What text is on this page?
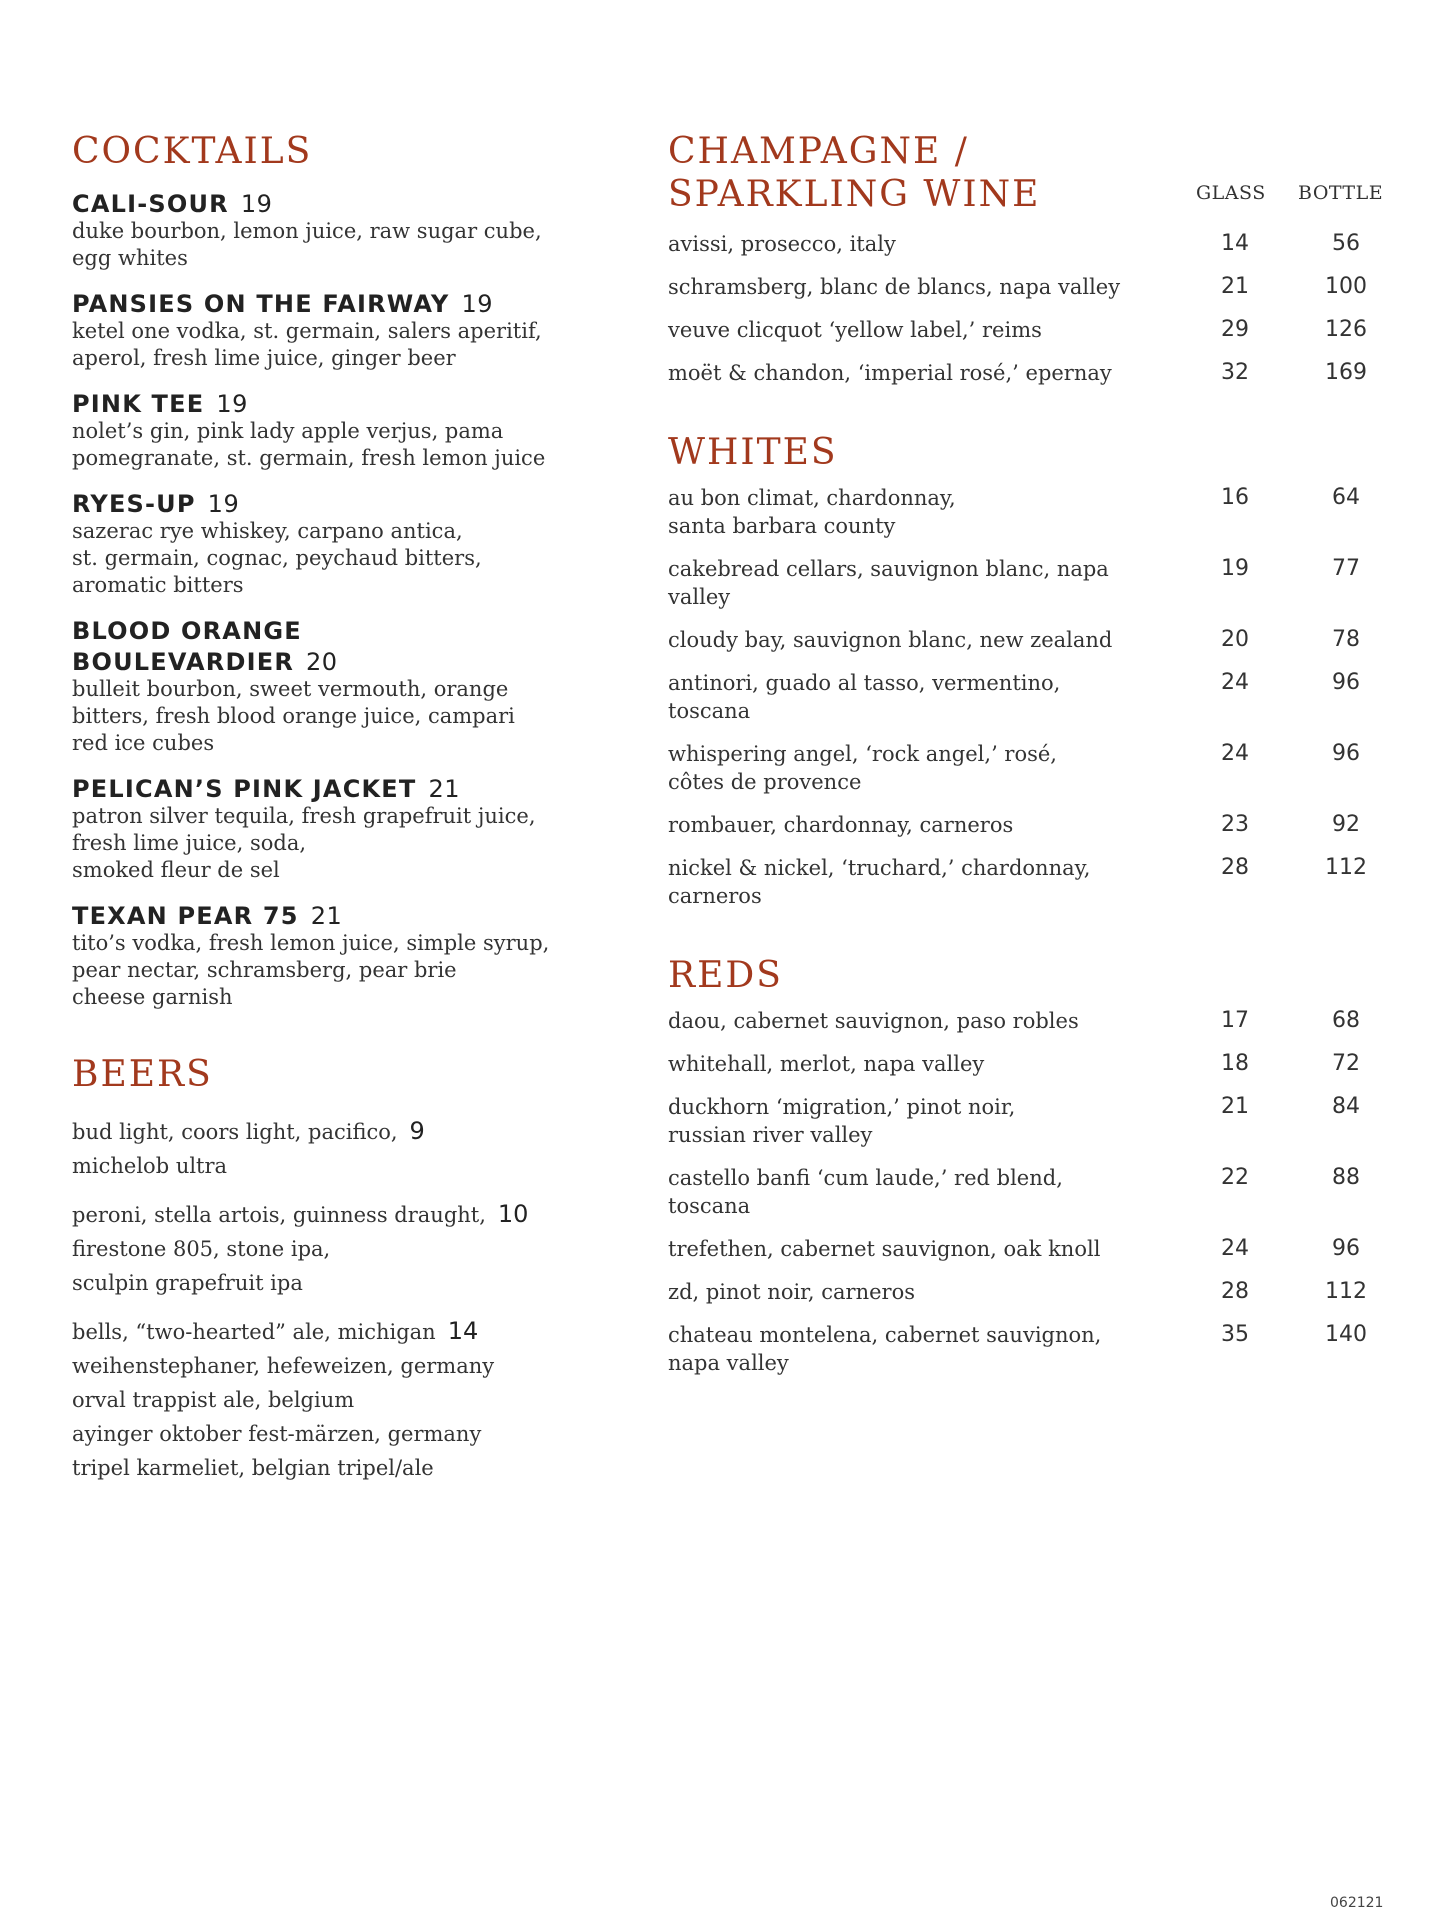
COCKTAILS
CALI-SOUR 19
duke bourbon, lemon juice, raw sugar cube,
egg whites
PANSIES ON THE FAIRWAY 19
ketel one vodka, st. germain, salers aperitif,
aperol, fresh lime juice, ginger beer
PINK TEE 19
nolet’s gin, pink lady apple verjus, pama
pomegranate, st. germain, fresh lemon juice
RYES-UP 19
sazerac rye whiskey, carpano antica,
st. germain, cognac, peychaud bitters,
aromatic bitters
BLOOD ORANGE
BOULEVARDIER 20
bulleit bourbon, sweet vermouth, orange
bitters, fresh blood orange juice, campari
red ice cubes
PELICAN’S PINK JACKET 21
patron silver tequila, fresh grapefruit juice,
fresh lime juice, soda,
smoked fleur de sel
TEXAN PEAR 75 21
tito’s vodka, fresh lemon juice, simple syrup,
pear nectar, schramsberg, pear brie
cheese garnish
BEERS
bud light, coors light, pacifico, 9
michelob ultra
peroni, stella artois, guinness draught, 10
firestone 805, stone ipa,
sculpin grapefruit ipa
bells, “two-hearted” ale, michigan 14
weihenstephaner, hefeweizen, germany
orval trappist ale, belgium
ayinger oktober fest-märzen, germany
tripel karmeliet, belgian tripel/ale
CHAMPAGNE /
SPARKLING WINE	GLASS BOTTLE
avissi, prosecco, italy	14	56
schramsberg, blanc de blancs, napa valley	21	100
veuve clicquot ‘yellow label,’ reims	29	126
moët & chandon, ‘imperial rosé,’ epernay	32	169
WHITES
au bon climat, chardonnay,
santa barbara county
16	64
cakebread cellars, sauvignon blanc, napa valley
19	77
cloudy bay, sauvignon blanc, new zealand	20	78
antinori, guado al tasso, vermentino, toscana
24	96
whispering angel, ‘rock angel,’ rosé,
côtes de provence
24	96
rombauer, chardonnay, carneros	23	92
nickel & nickel, ‘truchard,’ chardonnay, carneros
28	112
REDS
daou, cabernet sauvignon, paso robles	17	68
whitehall, merlot, napa valley	18	72
duckhorn ‘migration,’ pinot noir,
russian river valley
21	84
castello banfi ‘cum laude,’ red blend,
toscana
22	88
trefethen, cabernet sauvignon, oak knoll	24	96
zd, pinot noir, carneros	28	112
chateau montelena, cabernet sauvignon,
napa valley
35	140
062121
